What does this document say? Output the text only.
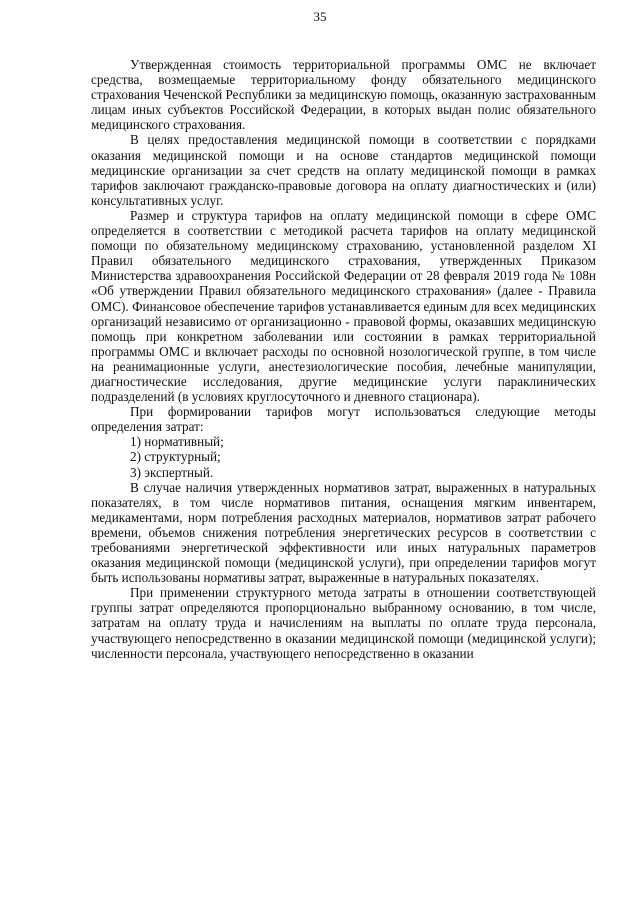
35

Утвержденная стоимость территориальной программы ОМС не включает средства, возмещаемые территориальному фонду обязательного медицинского страхования Чеченской Республики за медицинскую помощь, оказанную застрахованным лицам иных субъектов Российской Федерации, в которых выдан полис обязательного медицинского страхования.

В целях предоставления медицинской помощи в соответствии с порядками оказания медицинской помощи и на основе стандартов медицинской помощи медицинские организации за счет средств на оплату медицинской помощи в рамках тарифов заключают гражданско-правовые договора на оплату диагностических и (или) консультативных услуг.

Размер и структура тарифов на оплату медицинской помощи в сфере ОМС определяется в соответствии с методикой расчета тарифов на оплату медицинской помощи по обязательному медицинскому страхованию, установленной разделом XI Правил обязательного медицинского страхования, утвержденных Приказом Министерства здравоохранения Российской Федерации от 28 февраля 2019 года № 108н «Об утверждении Правил обязательного медицинского страхования» (далее - Правила ОМС). Финансовое обеспечение тарифов устанавливается единым для всех медицинских организаций независимо от организационно - правовой формы, оказавших медицинскую помощь при конкретном заболевании или состоянии в рамках территориальной программы ОМС и включает расходы по основной нозологической группе, в том числе на реанимационные услуги, анестезиологические пособия, лечебные манипуляции, диагностические исследования, другие медицинские услуги параклинических подразделений (в условиях круглосуточного и дневного стационара).

При формировании тарифов могут использоваться следующие методы определения затрат:

1) нормативный;

2) структурный;

3) экспертный.

В случае наличия утвержденных нормативов затрат, выраженных в натуральных показателях, в том числе нормативов питания, оснащения мягким инвентарем, медикаментами, норм потребления расходных материалов, нормативов затрат рабочего времени, объемов снижения потребления энергетических ресурсов в соответствии с требованиями энергетической эффективности или иных натуральных параметров оказания медицинской помощи (медицинской услуги), при определении тарифов могут быть использованы нормативы затрат, выраженные в натуральных показателях.

При применении структурного метода затраты в отношении соответствующей группы затрат определяются пропорционально выбранному основанию, в том числе, затратам на оплату труда и начислениям на выплаты по оплате труда персонала, участвующего непосредственно в оказании медицинской помощи (медицинской услуги); численности персонала, участвующего непосредственно в оказании
